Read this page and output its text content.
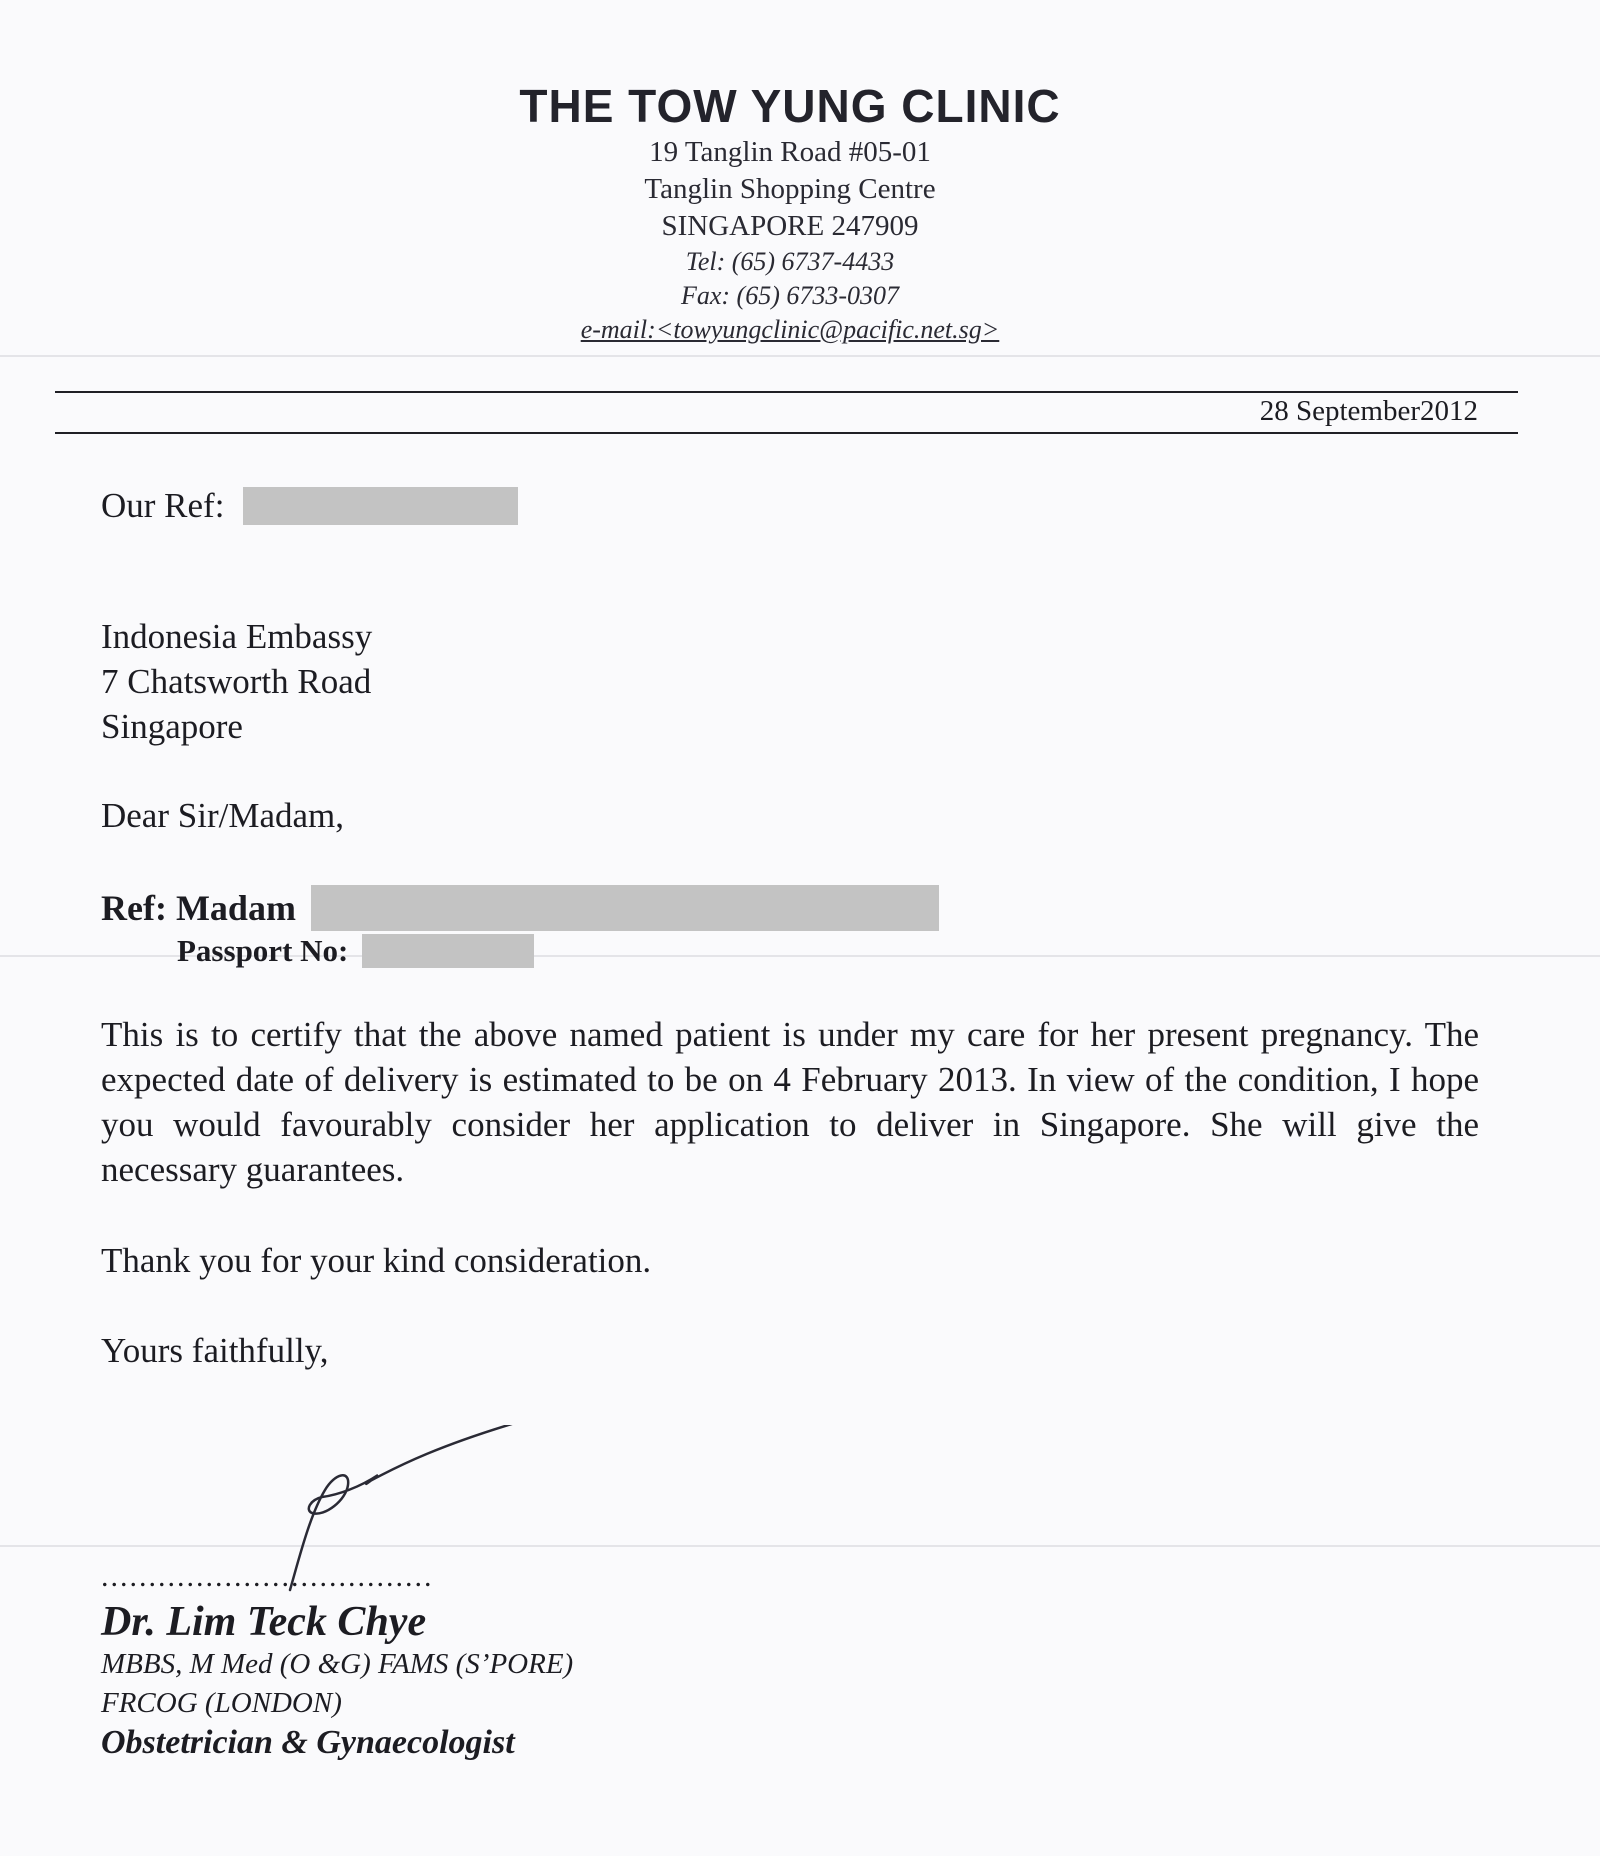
THE TOW YUNG CLINIC
19 Tanglin Road #05-01
Tanglin Shopping Centre
SINGAPORE 247909
Tel: (65) 6737-4433
Fax: (65) 6733-0307
e-mail:<towyungclinic@pacific.net.sg>
28 September2012
Our Ref:
Indonesia Embassy
7 Chatsworth Road
Singapore
Dear Sir/Madam,
Ref: Madam
Passport No:
This is to certify that the above named patient is under my care for her present pregnancy. The expected date of delivery is estimated to be on 4 February 2013. In view of the condition, I hope you would favourably consider her application to deliver in Singapore. She will give the necessary guarantees.
Thank you for your kind consideration.
Yours faithfully,
...................................
Dr. Lim Teck Chye
MBBS, M Med (O &G) FAMS (S’PORE)
FRCOG (LONDON)
Obstetrician & Gynaecologist
